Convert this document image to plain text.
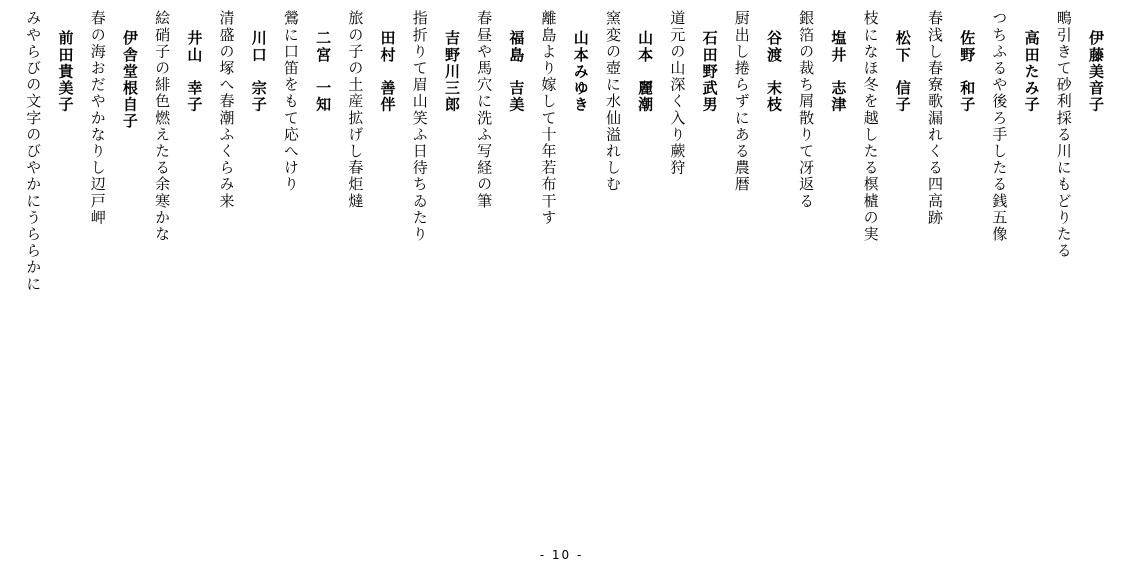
伊藤美音子
鴫引きて砂利採る川にもどりたる
高田たみ子
つちふるや後ろ手したる銭五像
佐野　和子
春浅し春寮歌漏れくる四高跡
松下　信子
枝になほ冬を越したる榠樝の実
塩井　志津
銀箔の裁ち屑散りて冴返る
谷渡　末枝
厨出し捲らずにある農暦
石田野武男
道元の山深く入り蕨狩
山本　麗潮
窯変の壺に水仙溢れしむ
山本みゆき
離島より嫁して十年若布干す
福島　吉美
春昼や馬穴に洗ふ写経の筆
吉野川三郎
指折りて眉山笑ふ日待ちゐたり
田村　善伴
旅の子の土産拡げし春炬燵
二宮　一知
鶯に口笛をもて応へけり
川口　宗子
清盛の塚へ春潮ふくらみ来
井山　幸子
絵硝子の緋色燃えたる余寒かな
伊舎堂根自子
春の海おだやかなりし辺戸岬
前田貴美子
みやらびの文字のびやかにうららかに
- 10 -
